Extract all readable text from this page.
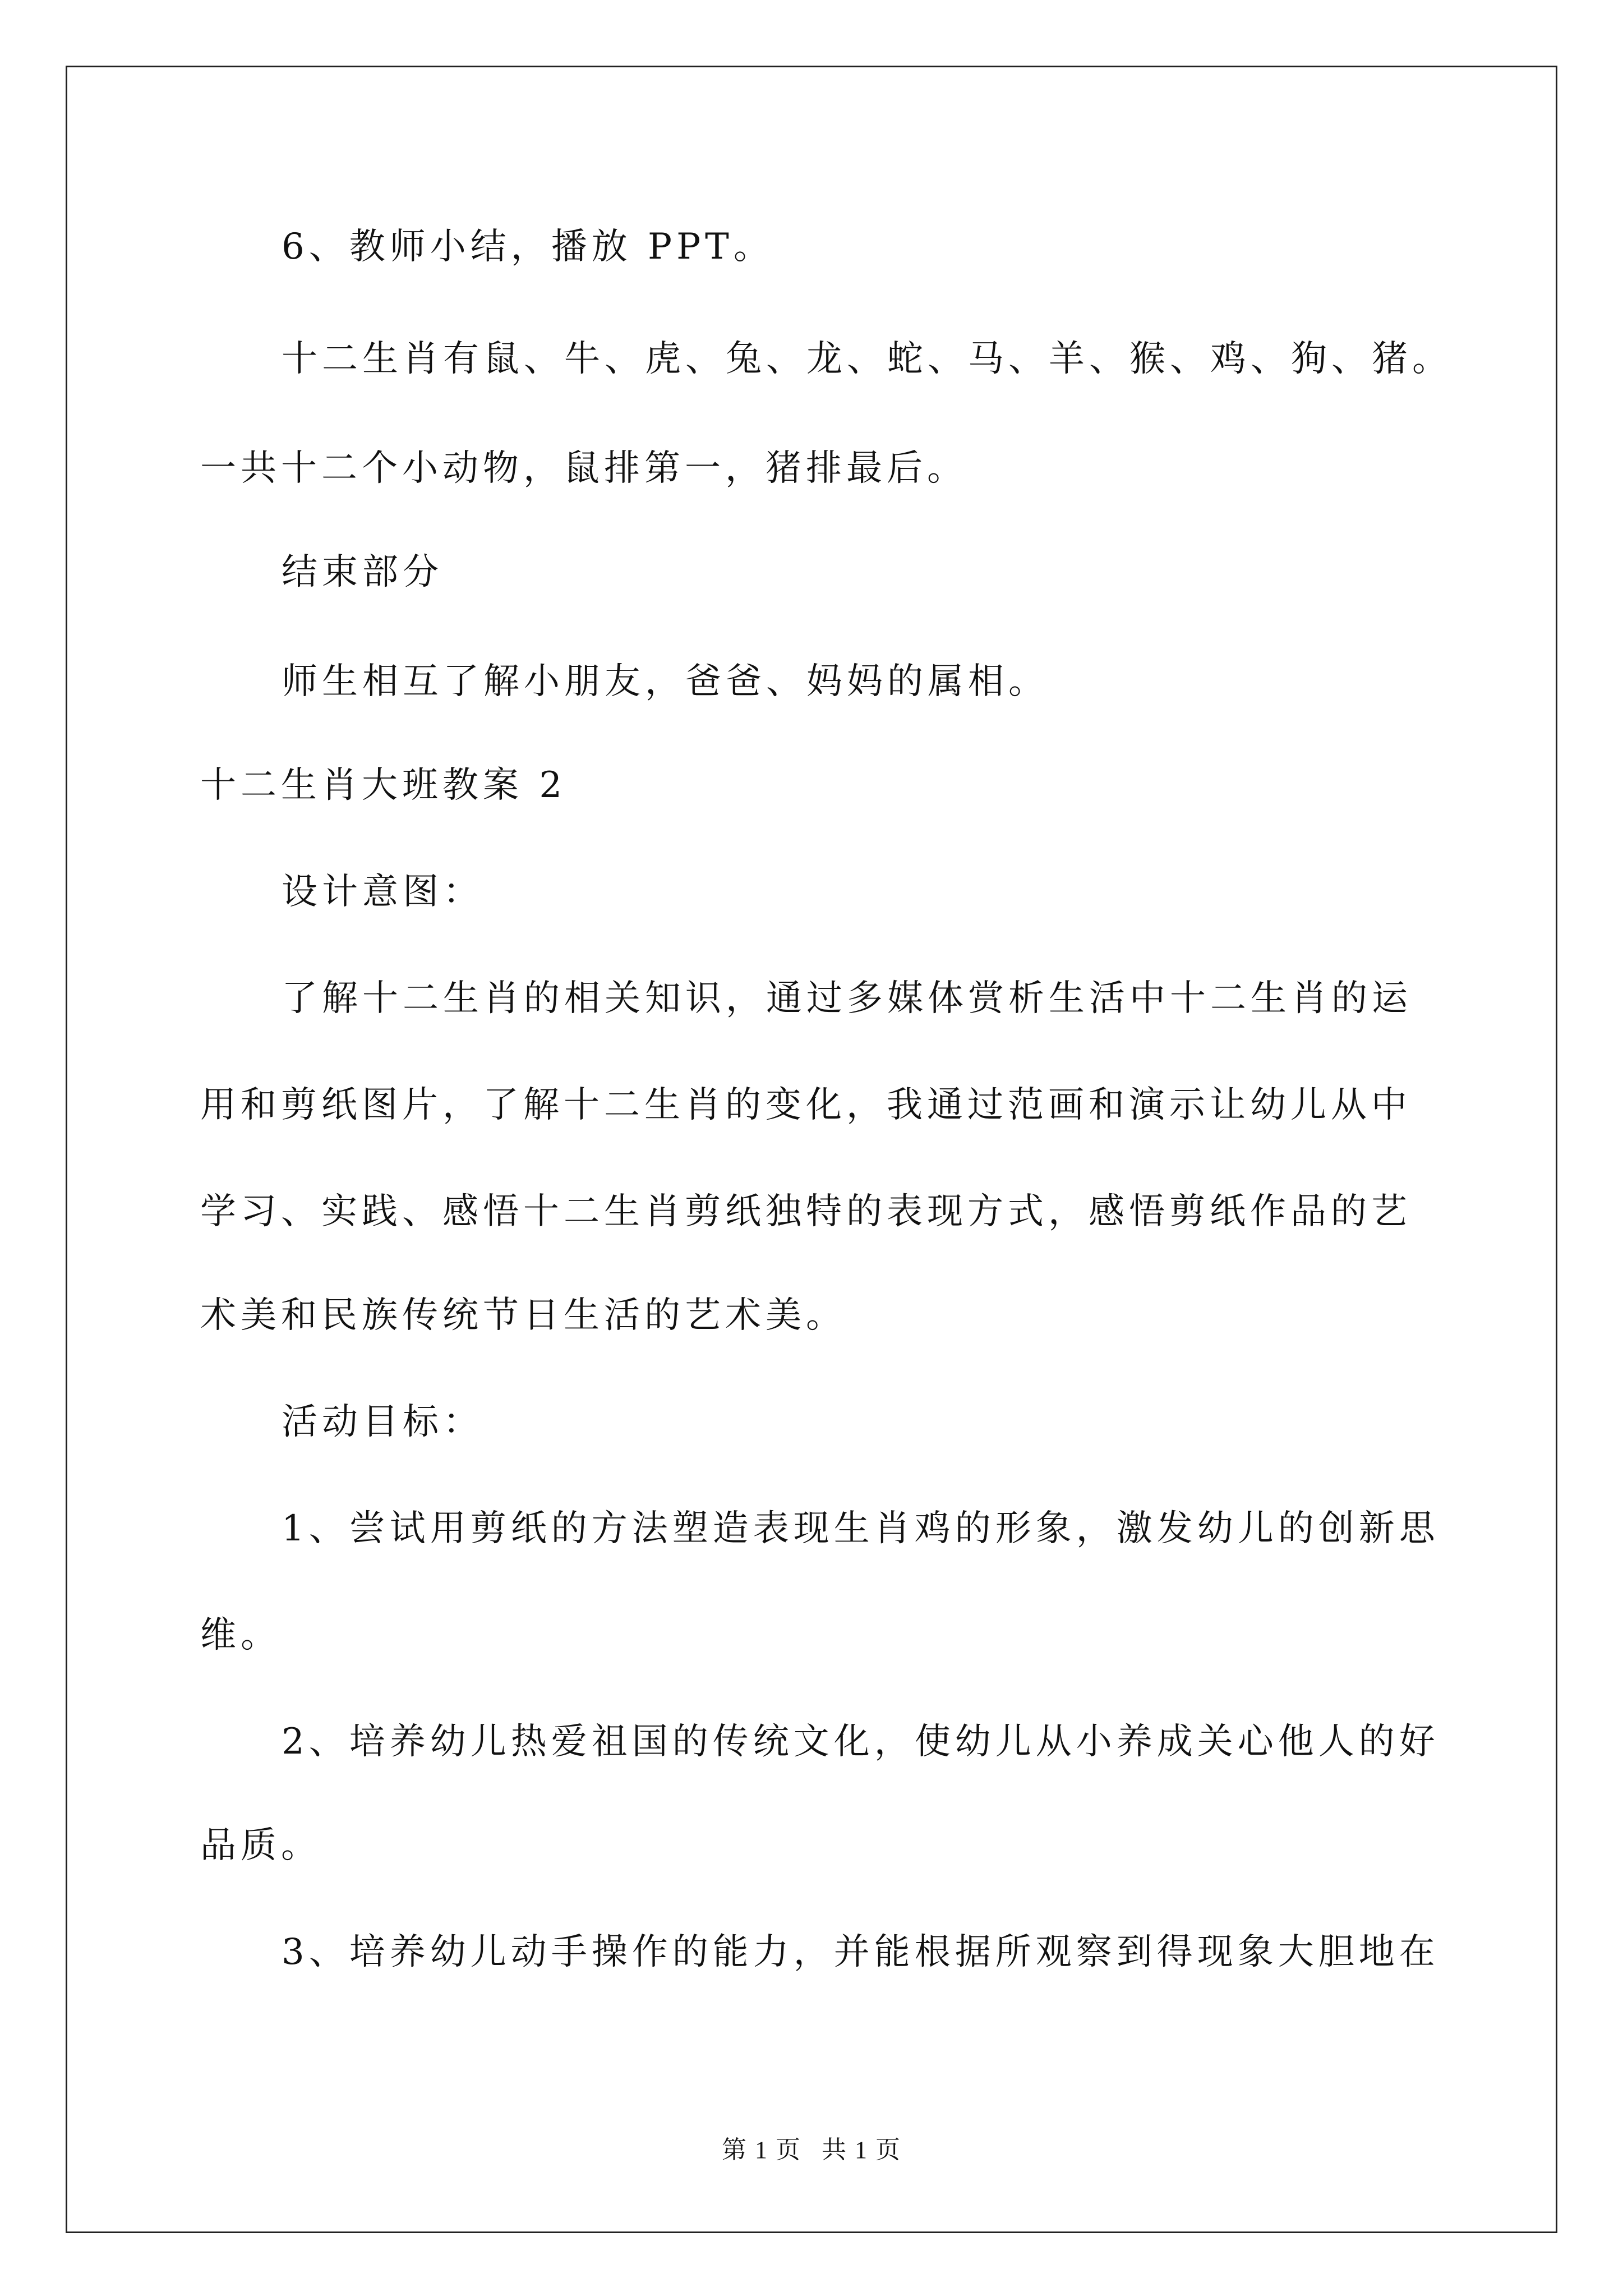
6、教师小结，播放 PPT。
十二生肖有鼠、牛、虎、兔、龙、蛇、马、羊、猴、鸡、狗、猪。
一共十二个小动物，鼠排第一，猪排最后。
结束部分
师生相互了解小朋友，爸爸、妈妈的属相。
十二生肖大班教案 2
设计意图：
了解十二生肖的相关知识，通过多媒体赏析生活中十二生肖的运
用和剪纸图片，了解十二生肖的变化，我通过范画和演示让幼儿从中
学习、实践、感悟十二生肖剪纸独特的表现方式，感悟剪纸作品的艺
术美和民族传统节日生活的艺术美。
活动目标：
1、尝试用剪纸的方法塑造表现生肖鸡的形象，激发幼儿的创新思
维。
2、培养幼儿热爱祖国的传统文化，使幼儿从小养成关心他人的好
品质。
3、培养幼儿动手操作的能力，并能根据所观察到得现象大胆地在
第 1 页 共 1 页
